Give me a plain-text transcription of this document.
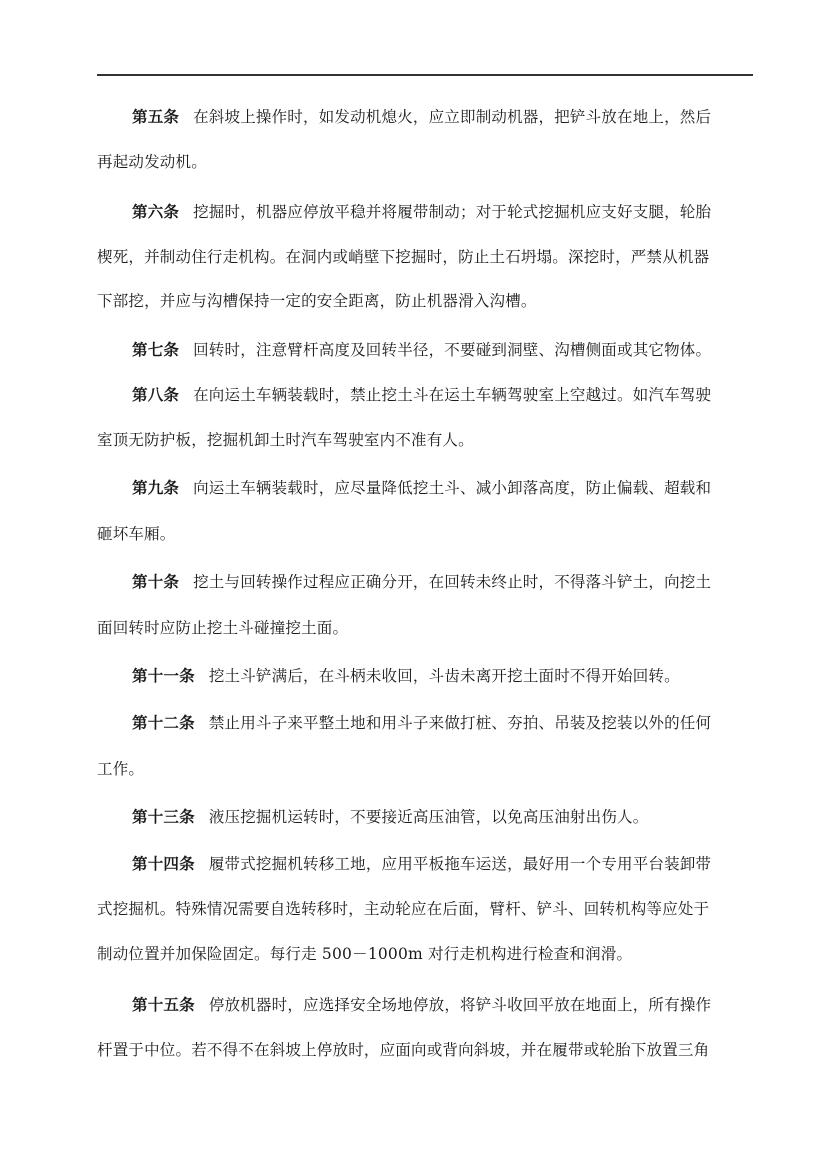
第五条 在斜坡上操作时，如发动机熄火，应立即制动机器，把铲斗放在地上，然后
再起动发动机。
第六条 挖掘时，机器应停放平稳并将履带制动；对于轮式挖掘机应支好支腿，轮胎
楔死，并制动住行走机构。在洞内或峭壁下挖掘时，防止土石坍塌。深挖时，严禁从机器
下部挖，并应与沟槽保持一定的安全距离，防止机器滑入沟槽。
第七条 回转时，注意臂杆高度及回转半径，不要碰到洞壁、沟槽侧面或其它物体。
第八条 在向运土车辆装载时，禁止挖土斗在运土车辆驾驶室上空越过。如汽车驾驶
室顶无防护板，挖掘机卸土时汽车驾驶室内不准有人。
第九条 向运土车辆装载时，应尽量降低挖土斗、减小卸落高度，防止偏载、超载和
砸坏车厢。
第十条 挖土与回转操作过程应正确分开，在回转未终止时，不得落斗铲土，向挖土
面回转时应防止挖土斗碰撞挖土面。
第十一条 挖土斗铲满后，在斗柄未收回，斗齿未离开挖土面时不得开始回转。
第十二条 禁止用斗子来平整土地和用斗子来做打桩、夯拍、吊装及挖装以外的任何
工作。
第十三条 液压挖掘机运转时，不要接近高压油管，以免高压油射出伤人。
第十四条 履带式挖掘机转移工地，应用平板拖车运送，最好用一个专用平台装卸带
式挖掘机。特殊情况需要自选转移时，主动轮应在后面，臂杆、铲斗、回转机构等应处于
制动位置并加保险固定。每行走 500－1000m 对行走机构进行检查和润滑。
第十五条 停放机器时，应选择安全场地停放，将铲斗收回平放在地面上，所有操作
杆置于中位。若不得不在斜坡上停放时，应面向或背向斜坡，并在履带或轮胎下放置三角
